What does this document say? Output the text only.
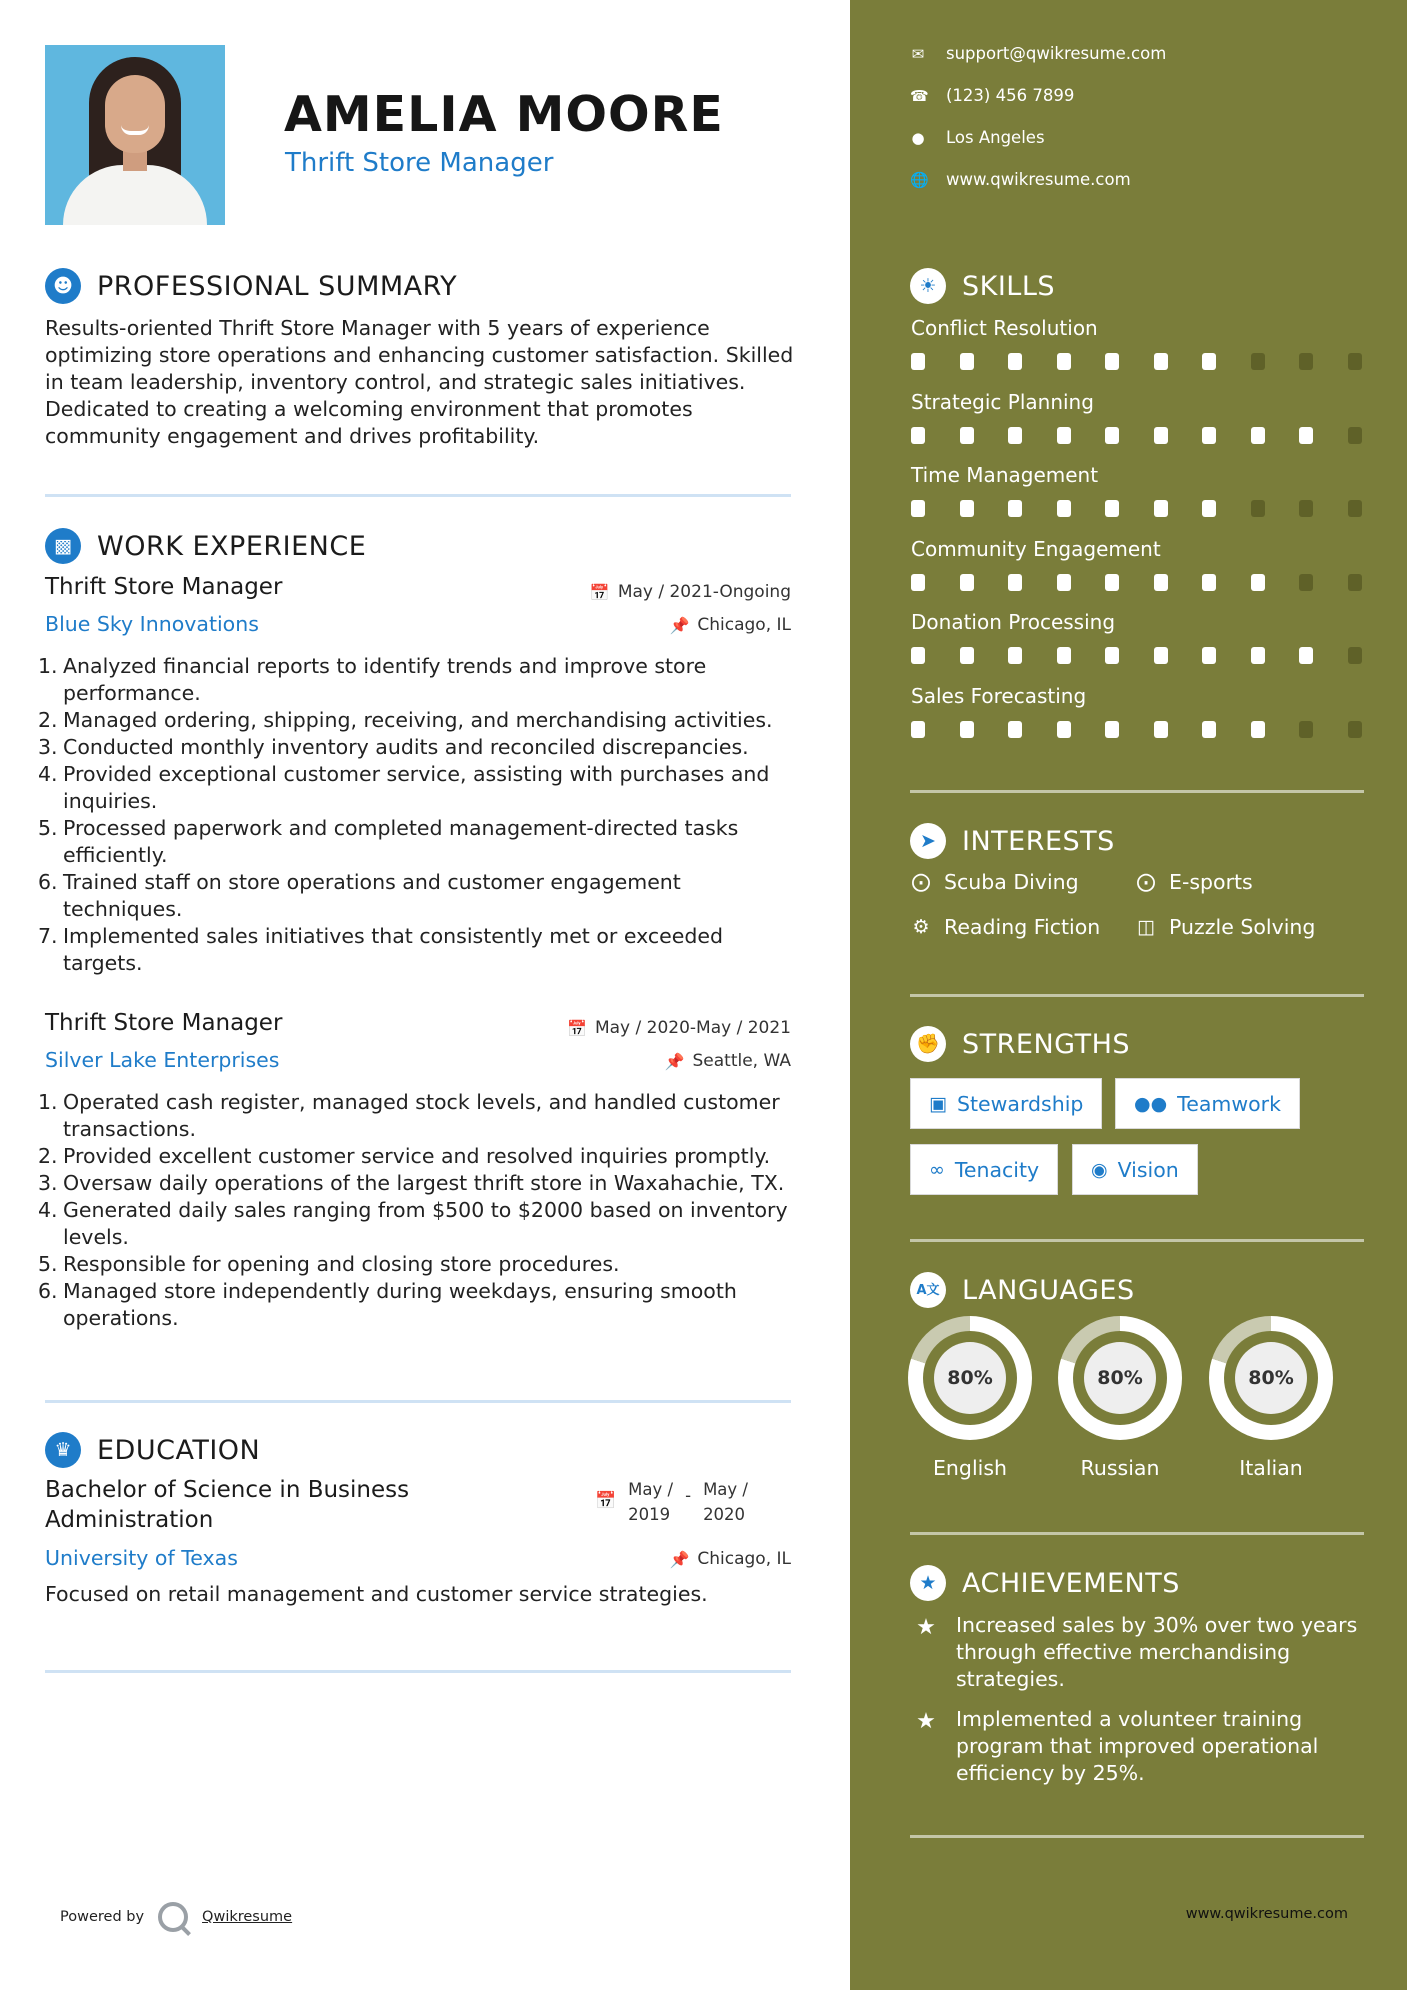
AMELIA MOORE
Thrift Store Manager
☻ PROFESSIONAL SUMMARY
Results-oriented Thrift Store Manager with 5 years of experience optimizing store operations and enhancing customer satisfaction. Skilled in team leadership, inventory control, and strategic sales initiatives. Dedicated to creating a welcoming environment that promotes community engagement and drives profitability.
▩ WORK EXPERIENCE
Thrift Store Manager	📅 May / 2021-Ongoing
Blue Sky Innovations	📌 Chicago, IL
1. Analyzed financial reports to identify trends and improve store performance.
2. Managed ordering, shipping, receiving, and merchandising activities.
3. Conducted monthly inventory audits and reconciled discrepancies.
4. Provided exceptional customer service, assisting with purchases and inquiries.
5. Processed paperwork and completed management-directed tasks efficiently.
6. Trained staff on store operations and customer engagement techniques.
7. Implemented sales initiatives that consistently met or exceeded targets.
Thrift Store Manager	📅 May / 2020-May / 2021
Silver Lake Enterprises	📌 Seattle, WA
1. Operated cash register, managed stock levels, and handled customer transactions.
2. Provided excellent customer service and resolved inquiries promptly.
3. Oversaw daily operations of the largest thrift store in Waxahachie, TX.
4. Generated daily sales ranging from $500 to $2000 based on inventory levels.
5. Responsible for opening and closing store procedures.
6. Managed store independently during weekdays, ensuring smooth operations.
♛ EDUCATION
Bachelor of Science in Business Administration
📅
May /
2019
- May /
2020
University of Texas	📌 Chicago, IL
Focused on retail management and customer service strategies.
Powered by	Qwikresume
✉ support@qwikresume.com
☎ (123) 456 7899
● Los Angeles
🌐 www.qwikresume.com
☀ SKILLS
Conflict Resolution
Strategic Planning
Time Management
Community Engagement
Donation Processing
Sales Forecasting
➤ INTERESTS
⨀ Scuba Diving	⨀ E-sports
⚙ Reading Fiction ◫ Puzzle Solving
✊ STRENGTHS
▣ Stewardship	●● Teamwork
∞ Tenacity	◉ Vision
A文 LANGUAGES
80%
English
80%
Russian
80%
Italian
★ ACHIEVEMENTS
★ Increased sales by 30% over two years through effective merchandising strategies.
★ Implemented a volunteer training program that improved operational efficiency by 25%.
www.qwikresume.com
